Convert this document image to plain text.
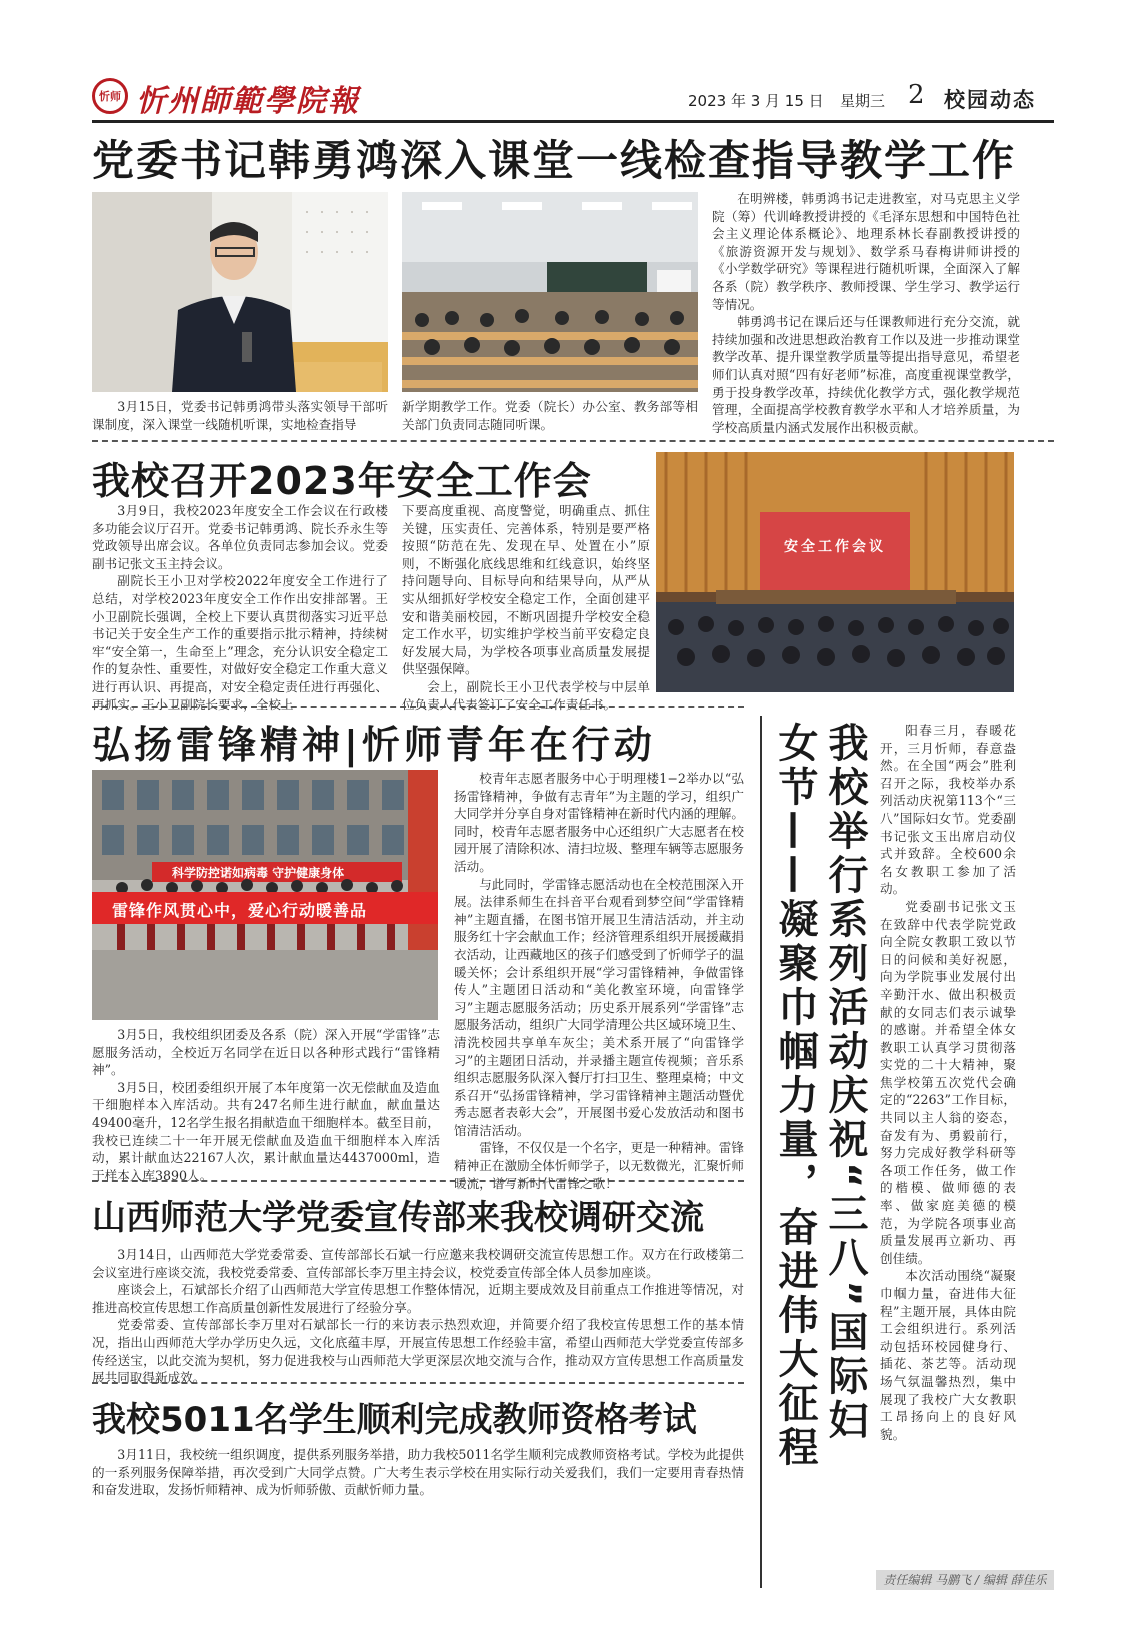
忻师 忻州師範學院報	2023 年 3 月 15 日 星期三 2 校园动态
党委书记韩勇鸿深入课堂一线检查指导教学工作

3月15日，党委书记韩勇鸿带头落实领导干部听课制度，深入课堂一线随机听课，实地检查指导

新学期教学工作。党委（院长）办公室、教务部等相关部门负责同志随同听课。

在明辨楼，韩勇鸿书记走进教室，对马克思主义学院（筹）代训峰教授讲授的《毛泽东思想和中国特色社会主义理论体系概论》、地理系林长春副教授讲授的《旅游资源开发与规划》、数学系马春梅讲师讲授的《小学数学研究》等课程进行随机听课，全面深入了解各系（院）教学秩序、教师授课、学生学习、教学运行等情况。

韩勇鸿书记在课后还与任课教师进行充分交流，就持续加强和改进思想政治教育工作以及进一步推动课堂教学改革、提升课堂教学质量等提出指导意见，希望老师们认真对照“四有好老师”标准，高度重视课堂教学，勇于投身教学改革，持续优化教学方式，强化教学规范管理，全面提高学校教育教学水平和人才培养质量，为学校高质量内涵式发展作出积极贡献。

我校召开2023年安全工作会
安全工作会议

3月9日，我校2023年度安全工作会议在行政楼多功能会议厅召开。党委书记韩勇鸿、院长乔永生等党政领导出席会议。各单位负责同志参加会议。党委副书记张文玉主持会议。

副院长王小卫对学校2022年度安全工作进行了总结，对学校2023年度安全工作作出安排部署。王小卫副院长强调，全校上下要认真贯彻落实习近平总书记关于安全生产工作的重要指示批示精神，持续树牢“安全第一，生命至上”理念，充分认识安全稳定工作的复杂性、重要性，对做好安全稳定工作重大意义进行再认识、再提高，对安全稳定责任进行再强化、再抓实。王小卫副院长要求，全校上

下要高度重视、高度警觉，明确重点、抓住关键，压实责任、完善体系，特别是要严格按照“防范在先、发现在早、处置在小”原则，不断强化底线思维和红线意识，始终坚持问题导向、目标导向和结果导向，从严从实从细抓好学校安全稳定工作，全面创建平安和谐美丽校园，不断巩固提升学校安全稳定工作水平，切实维护学校当前平安稳定良好发展大局，为学校各项事业高质量发展提供坚强保障。

会上，副院长王小卫代表学校与中层单位负责人代表签订了安全工作责任书。

弘扬雷锋精神|忻师青年在行动
科学防控诺如病毒 守护健康身体
雷锋作风贯心中，爱心行动暖善品

3月5日，我校组织团委及各系（院）深入开展“学雷锋”志愿服务活动，全校近万名同学在近日以各种形式践行“雷锋精神”。

3月5日，校团委组织开展了本年度第一次无偿献血及造血干细胞样本入库活动。共有247名师生进行献血，献血量达49400毫升，12名学生报名捐献造血干细胞样本。截至目前，我校已连续二十一年开展无偿献血及造血干细胞样本入库活动，累计献血达22167人次，累计献血量达4437000ml，造干样本入库3890人。

校青年志愿者服务中心于明理楼1−2举办以“弘扬雷锋精神，争做有志青年”为主题的学习，组织广大同学并分享自身对雷锋精神在新时代内涵的理解。同时，校青年志愿者服务中心还组织广大志愿者在校园开展了清除积冰、清扫垃圾、整理车辆等志愿服务活动。

与此同时，学雷锋志愿活动也在全校范围深入开展。法律系师生在抖音平台观看到梦空间“学雷锋精神”主题直播，在图书馆开展卫生清洁活动，并主动服务红十字会献血工作；经济管理系组织开展援藏捐衣活动，让西藏地区的孩子们感受到了忻师学子的温暖关怀；会计系组织开展“学习雷锋精神，争做雷锋传人”主题团日活动和“美化教室环境，向雷锋学习”主题志愿服务活动；历史系开展系列“学雷锋”志愿服务活动，组织广大同学清理公共区域环境卫生、清洗校园共享单车灰尘；美术系开展了“向雷锋学习”的主题团日活动，并录播主题宣传视频；音乐系组织志愿服务队深入餐厅打扫卫生、整理桌椅；中文系召开“弘扬雷锋精神，学习雷锋精神主题活动暨优秀志愿者表彰大会”，开展图书爱心发放活动和图书馆清洁活动。

雷锋，不仅仅是一个名字，更是一种精神。雷锋精神正在激励全体忻师学子，以无数微光，汇聚忻师暖流，谱写新时代雷锋之歌！

山西师范大学党委宣传部来我校调研交流

3月14日，山西师范大学党委常委、宣传部部长石斌一行应邀来我校调研交流宣传思想工作。双方在行政楼第二会议室进行座谈交流，我校党委常委、宣传部部长李万里主持会议，校党委宣传部全体人员参加座谈。

座谈会上，石斌部长介绍了山西师范大学宣传思想工作整体情况，近期主要成效及目前重点工作推进等情况，对推进高校宣传思想工作高质量创新性发展进行了经验分享。

党委常委、宣传部部长李万里对石斌部长一行的来访表示热烈欢迎，并简要介绍了我校宣传思想工作的基本情况，指出山西师范大学办学历史久远，文化底蕴丰厚，开展宣传思想工作经验丰富，希望山西师范大学党委宣传部多传经送宝，以此交流为契机，努力促进我校与山西师范大学更深层次地交流与合作，推动双方宣传思想工作高质量发展共同取得新成效。

我校5011名学生顺利完成教师资格考试

3月11日，我校统一组织调度，提供系列服务举措，助力我校5011名学生顺利完成教师资格考试。学校为此提供的一系列服务保障举措，再次受到广大同学点赞。广大考生表示学校在用实际行动关爱我们，我们一定要用青春热情和奋发进取，发扬忻师精神、成为忻师骄傲、贡献忻师力量。

我校举行系列活动庆祝“三八”国际妇
女节——凝聚巾帼力量，奋进伟大征程	阳春三月，春暖花开，三月忻师，春意盎然。在全国“两会”胜利召开之际，我校举办系列活动庆祝第113个“三八”国际妇女节。党委副书记张文玉出席启动仪式并致辞。全校600余名女教职工参加了活动。

党委副书记张文玉在致辞中代表学院党政向全院女教职工致以节日的问候和美好祝愿，向为学院事业发展付出辛勤汗水、做出积极贡献的女同志们表示诚挚的感谢。并希望全体女教职工认真学习贯彻落实党的二十大精神，聚焦学校第五次党代会确定的“2263”工作目标，共同以主人翁的姿态，奋发有为、勇毅前行，努力完成好教学科研等各项工作任务，做工作的楷模、做师德的表率、做家庭美德的模范，为学院各项事业高质量发展再立新功、再创佳绩。

本次活动围绕“凝聚巾帼力量，奋进伟大征程”主题开展，具体由院工会组织进行。系列活动包括环校园健身行、插花、茶艺等。活动现场气氛温馨热烈，集中展现了我校广大女教职工昂扬向上的良好风貌。

责任编辑 马鹏飞 / 编辑 薛佳乐
